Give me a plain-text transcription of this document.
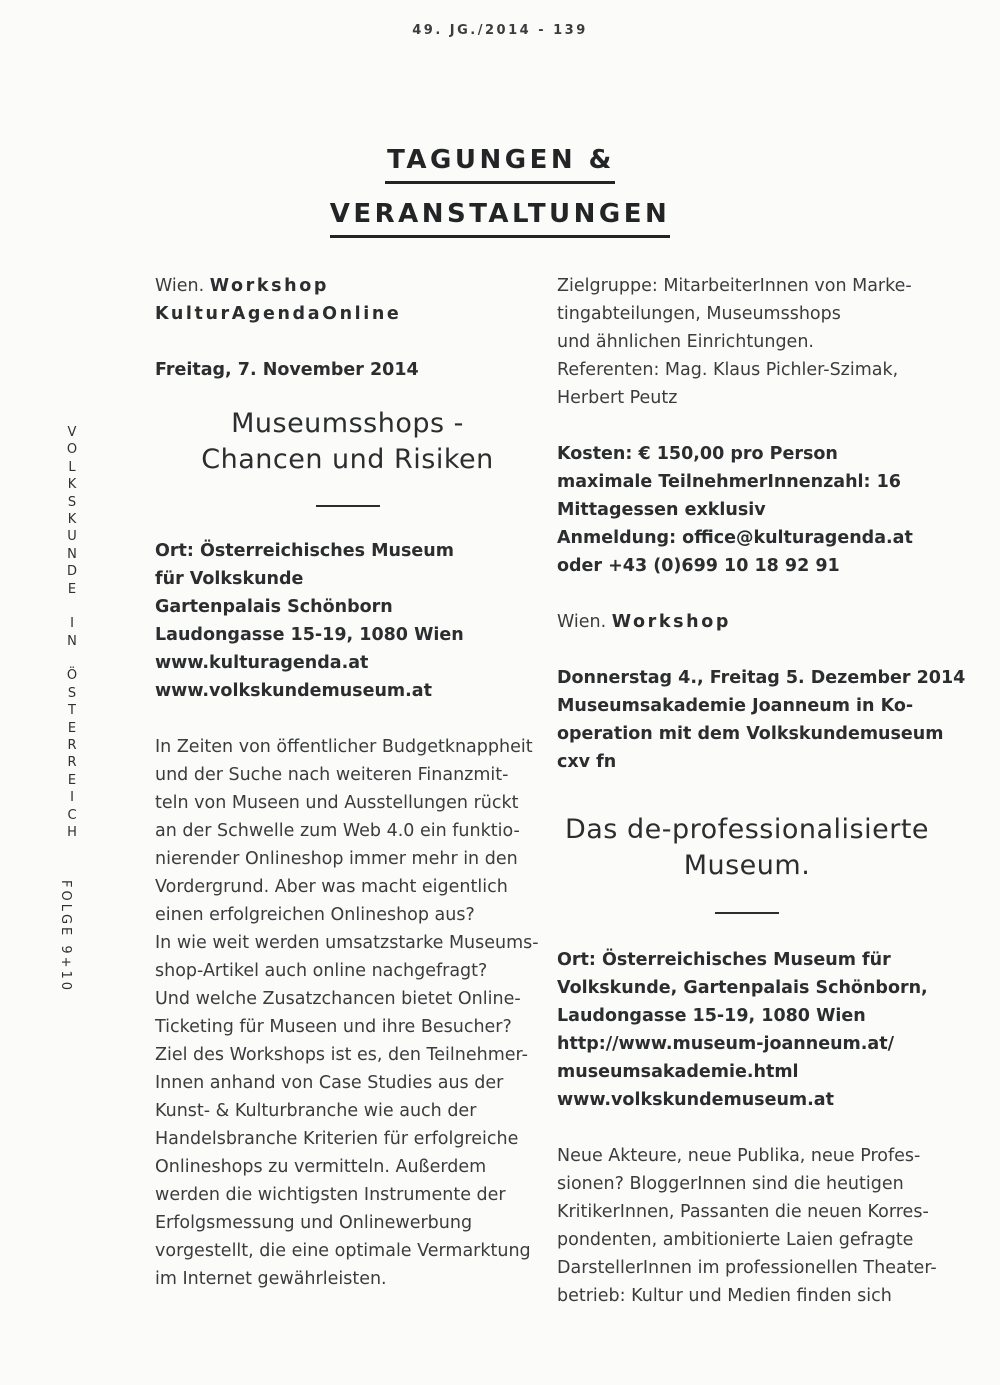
49. JG./2014 - 139
TAGUNGEN &
VERANSTALTUNGEN
V
O
L
K
S
K
U
N
D
E
I
N
Ö
S
T
E
R
R
E
I
C
H
FOLGE 9+10

Wien. Workshop

KulturAgendaOnline

Freitag, 7. November 2014

Museumsshops -
Chancen und Risiken
Ort: Österreichisches Museum
für Volkskunde
Gartenpalais Schönborn
Laudongasse 15-19, 1080 Wien
www.kulturagenda.at
www.volkskundemuseum.at
In Zeiten von öffentlicher Budgetknappheit
und der Suche nach weiteren Finanzmit-
teln von Museen und Ausstellungen rückt
an der Schwelle zum Web 4.0 ein funktio-
nierender Onlineshop immer mehr in den
Vordergrund. Aber was macht eigentlich
einen erfolgreichen Onlineshop aus?
In wie weit werden umsatzstarke Museums-
shop-Artikel auch online nachgefragt?
Und welche Zusatzchancen bietet Online-
Ticketing für Museen und ihre Besucher?
Ziel des Workshops ist es, den Teilnehmer-
Innen anhand von Case Studies aus der
Kunst- & Kulturbranche wie auch der
Handelsbranche Kriterien für erfolgreiche
Onlineshops zu vermitteln. Außerdem
werden die wichtigsten Instrumente der
Erfolgsmessung und Onlinewerbung
vorgestellt, die eine optimale Vermarktung
im Internet gewährleisten.
Zielgruppe: MitarbeiterInnen von Marke-
tingabteilungen, Museumsshops
und ähnlichen Einrichtungen.
Referenten: Mag. Klaus Pichler-Szimak,
Herbert Peutz
Kosten: € 150,00 pro Person
maximale TeilnehmerInnenzahl: 16
Mittagessen exklusiv
Anmeldung: office@kulturagenda.at
oder +43 (0)699 10 18 92 91

Wien. Workshop

Donnerstag 4., Freitag 5. Dezember 2014
Museumsakademie Joanneum in Ko-
operation mit dem Volkskundemuseum
cxv fn
Das de-professionalisierte
Museum.
Ort: Österreichisches Museum für
Volkskunde, Gartenpalais Schönborn,
Laudongasse 15-19, 1080 Wien
http://www.museum-joanneum.at/
museumsakademie.html
www.volkskundemuseum.at
Neue Akteure, neue Publika, neue Profes-
sionen? BloggerInnen sind die heutigen
KritikerInnen, Passanten die neuen Korres-
pondenten, ambitionierte Laien gefragte
DarstellerInnen im professionellen Theater-
betrieb: Kultur und Medien finden sich
